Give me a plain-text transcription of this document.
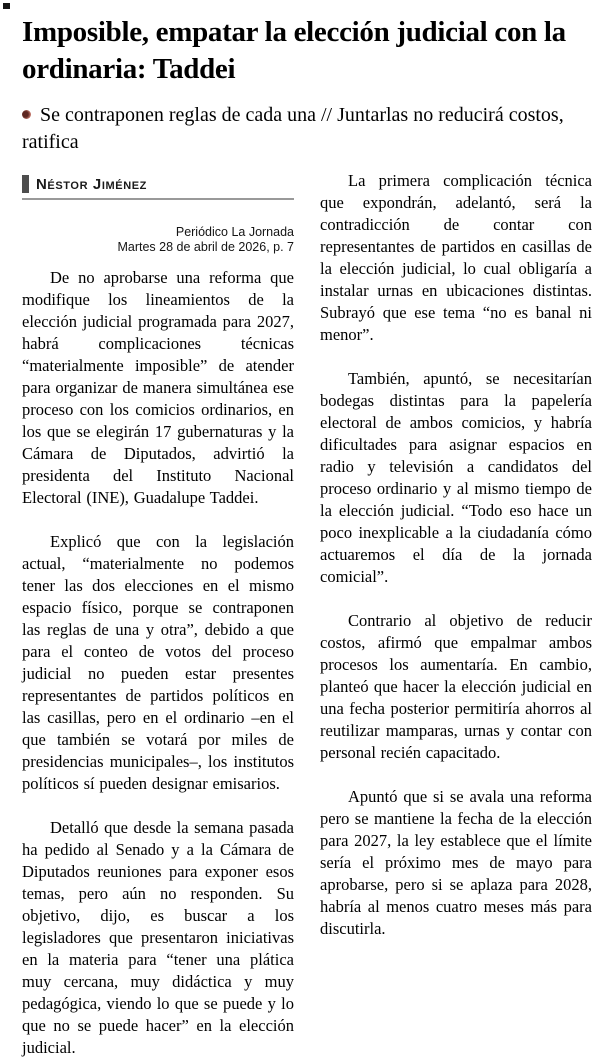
Imposible, empatar la elección judicial con la ordinaria: Taddei
Se contraponen reglas de cada una // Juntarlas no reducirá costos, ratifica
Néstor Jiménez
Periódico La Jornada
Martes 28 de abril de 2026, p. 7

De no aprobarse una reforma que modifique los lineamientos de la elección judicial programada para 2027, habrá complicaciones técnicas “materialmente imposible” de atender para organizar de manera simultánea ese proceso con los comicios ordinarios, en los que se elegirán 17 gubernaturas y la Cámara de Diputados, advirtió la presidenta del Instituto Nacional Electoral (INE), Guadalupe Taddei.

Explicó que con la legislación actual, “materialmente no podemos tener las dos elecciones en el mismo espacio físico, porque se contraponen las reglas de una y otra”, debido a que para el conteo de votos del proceso judicial no pueden estar presentes representantes de partidos políticos en las casillas, pero en el ordinario –en el que también se votará por miles de presidencias municipales–, los institutos políticos sí pueden designar emisarios.

Detalló que desde la semana pasada ha pedido al Senado y a la Cámara de Diputados reuniones para exponer esos temas, pero aún no responden. Su objetivo, dijo, es buscar a los legisladores que presentaron iniciativas en la materia para “tener una plática muy cercana, muy didáctica y muy pedagógica, viendo lo que se puede y lo que no se puede hacer” en la elección judicial.

La primera complicación técnica que expondrán, adelantó, será la contradicción de contar con representantes de partidos en casillas de la elección judicial, lo cual obligaría a instalar urnas en ubicaciones distintas. Subrayó que ese tema “no es banal ni menor”.

También, apuntó, se necesitarían bodegas distintas para la papelería electoral de ambos comicios, y habría dificultades para asignar espacios en radio y televisión a candidatos del proceso ordinario y al mismo tiempo de la elección judicial. “Todo eso hace un poco inexplicable a la ciudadanía cómo actuaremos el día de la jornada comicial”.

Contrario al objetivo de reducir costos, afirmó que empalmar ambos procesos los aumentaría. En cambio, planteó que hacer la elección judicial en una fecha posterior permitiría ahorros al reutilizar mamparas, urnas y contar con personal recién capacitado.

Apuntó que si se avala una reforma pero se mantiene la fecha de la elección para 2027, la ley establece que el límite sería el próximo mes de mayo para aprobarse, pero si se aplaza para 2028, habría al menos cuatro meses más para discutirla.
